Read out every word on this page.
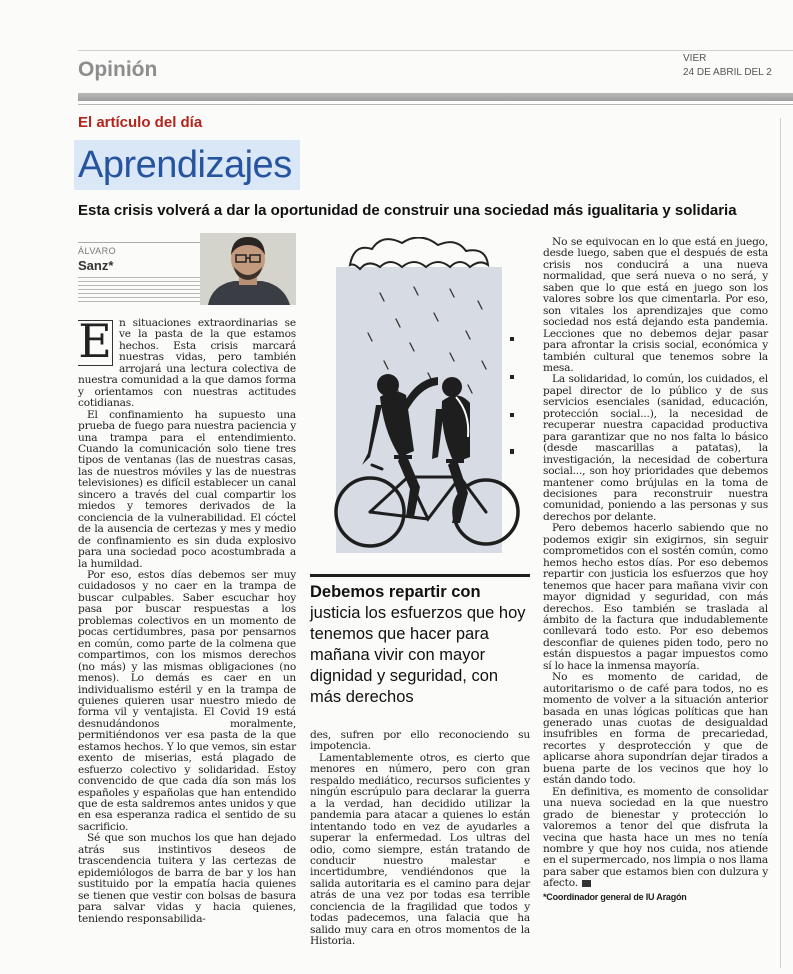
Opinión	VIER
24 DE ABRIL DEL 2
El artículo del día
Aprendizajes
Esta crisis volverá a dar la oportunidad de construir una sociedad más igualitaria y solidaria
ÁLVARO
Sanz*

E n situaciones extraordinarias se ve la pasta de la que estamos hechos. Esta crisis marcará nuestras vidas, pero también arrojará una lectura colectiva de nuestra comunidad a la que damos forma y orientamos con nuestras actitudes cotidianas.

El confinamiento ha supuesto una prueba de fuego para nuestra paciencia y una trampa para el entendimiento. Cuando la comunicación solo tiene tres tipos de ventanas (las de nuestras casas, las de nuestros móviles y las de nuestras televisiones) es difícil establecer un canal sincero a través del cual compartir los miedos y temores derivados de la conciencia de la vulnerabilidad. El cóctel de la ausencia de certezas y mes y medio de confinamiento es sin duda explosivo para una sociedad poco acostumbrada a la humildad.

Por eso, estos días debemos ser muy cuidadosos y no caer en la trampa de buscar culpables. Saber escuchar hoy pasa por buscar respuestas a los problemas colectivos en un momento de pocas certidumbres, pasa por pensarnos en común, como parte de la colmena que compartimos, con los mismos derechos (no más) y las mismas obligaciones (no menos). Lo demás es caer en un individualismo estéril y en la trampa de quienes quieren usar nuestro miedo de forma vil y ventajista. El Covid 19 está desnudándonos moralmente, permitiéndonos ver esa pasta de la que estamos hechos. Y lo que vemos, sin estar exento de miserias, está plagado de esfuerzo colectivo y solidaridad. Estoy convencido de que cada día son más los españoles y españolas que han entendido que de esta saldremos antes unidos y que en esa esperanza radica el sentido de su sacrificio.

Sé que son muchos los que han dejado atrás sus instintivos deseos de trascendencia tuitera y las certezas de epidemiólogos de barra de bar y los han sustituido por la empatía hacia quienes se tienen que vestir con bolsas de basura para salvar vidas y hacia quienes, teniendo responsabilida-

Debemos repartir con justicia los esfuerzos que hoy tenemos que hacer para mañana vivir con mayor dignidad y seguridad, con más derechos

des, sufren por ello reconociendo su impotencia.

Lamentablemente otros, es cierto que menores en número, pero con gran respaldo mediático, recursos suficientes y ningún escrúpulo para declarar la guerra a la verdad, han decidido utilizar la pandemia para atacar a quienes lo están intentando todo en vez de ayudarles a superar la enfermedad. Los ultras del odio, como siempre, están tratando de conducir nuestro malestar e incertidumbre, vendiéndonos que la salida autoritaria es el camino para dejar atrás de una vez por todas esa terrible conciencia de la fragilidad que todos y todas padecemos, una falacia que ha salido muy cara en otros momentos de la Historia.

No se equivocan en lo que está en juego, desde luego, saben que el después de esta crisis nos conducirá a una nueva normalidad, que será nueva o no será, y saben que lo que está en juego son los valores sobre los que cimentarla. Por eso, son vitales los aprendizajes que como sociedad nos está dejando esta pandemia. Lecciones que no debemos dejar pasar para afrontar la crisis social, económica y también cultural que tenemos sobre la mesa.

La solidaridad, lo común, los cuidados, el papel director de lo público y de sus servicios esenciales (sanidad, educación, protección social...), la necesidad de recuperar nuestra capacidad productiva para garantizar que no nos falta lo básico (desde mascarillas a patatas), la investigación, la necesidad de cobertura social..., son hoy prioridades que debemos mantener como brújulas en la toma de decisiones para reconstruir nuestra comunidad, poniendo a las personas y sus derechos por delante.

Pero debemos hacerlo sabiendo que no podemos exigir sin exigirnos, sin seguir comprometidos con el sostén común, como hemos hecho estos días. Por eso debemos repartir con justicia los esfuerzos que hoy tenemos que hacer para mañana vivir con mayor dignidad y seguridad, con más derechos. Eso también se traslada al ámbito de la factura que indudablemente conllevará todo esto. Por eso debemos desconfiar de quienes piden todo, pero no están dispuestos a pagar impuestos como sí lo hace la inmensa mayoría.

No es momento de caridad, de autoritarismo o de café para todos, no es momento de volver a la situación anterior basada en unas lógicas políticas que han generado unas cuotas de desigualdad insufribles en forma de precariedad, recortes y desprotección y que de aplicarse ahora supondrían dejar tirados a buena parte de los vecinos que hoy lo están dando todo.

En definitiva, es momento de consolidar una nueva sociedad en la que nuestro grado de bienestar y protección lo valoremos a tenor del que disfruta la vecina que hasta hace un mes no tenía nombre y que hoy nos cuida, nos atiende en el supermercado, nos limpia o nos llama para saber que estamos bien con dulzura y afecto.

*Coordinador general de IU Aragón
